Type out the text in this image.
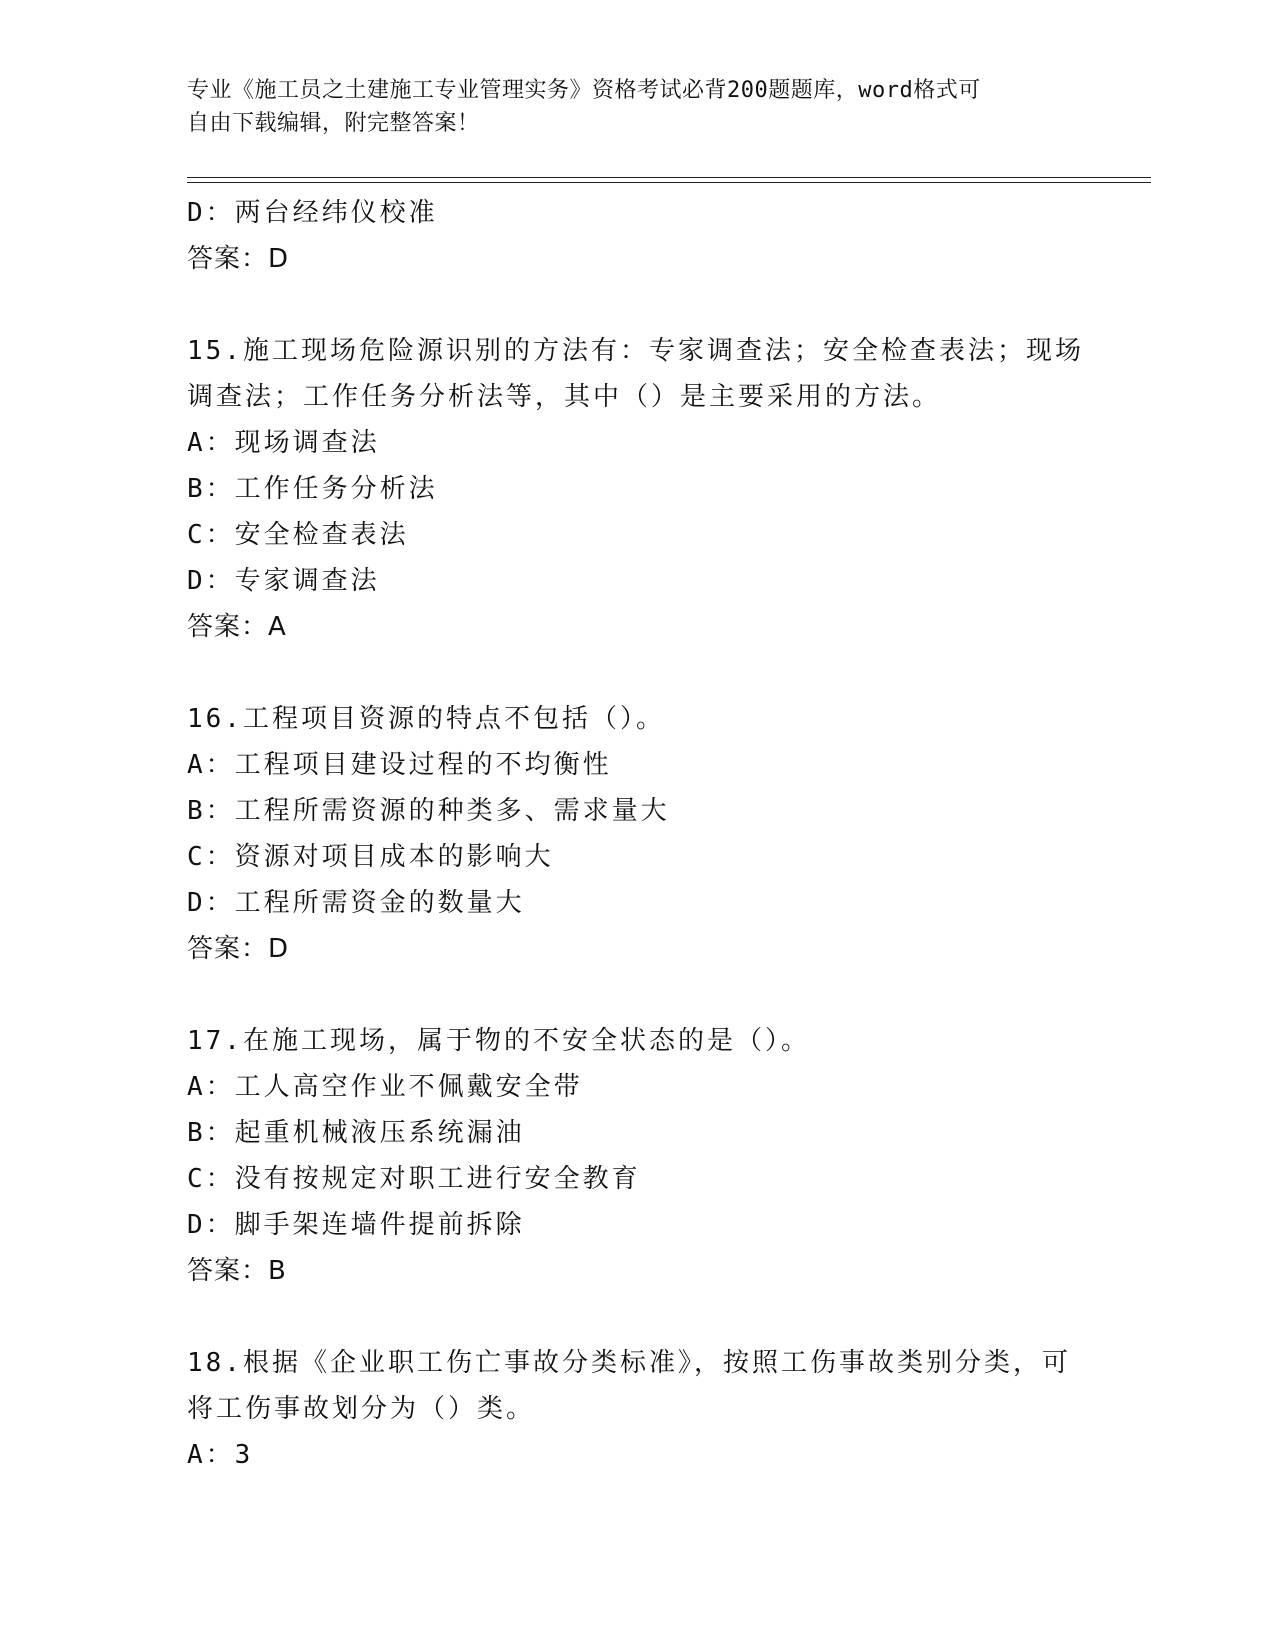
专业《施工员之土建施工专业管理实务》资格考试必背200题题库，word格式可
自由下载编辑，附完整答案！
D：两台经纬仪校准
答案：D
15.施工现场危险源识别的方法有：专家调查法；安全检查表法；现场
调查法；工作任务分析法等，其中（）是主要采用的方法。
A：现场调查法
B：工作任务分析法
C：安全检查表法
D：专家调查法
答案：A
16.工程项目资源的特点不包括（）。
A：工程项目建设过程的不均衡性
B：工程所需资源的种类多、需求量大
C：资源对项目成本的影响大
D：工程所需资金的数量大
答案：D
17.在施工现场，属于物的不安全状态的是（）。
A：工人高空作业不佩戴安全带
B：起重机械液压系统漏油
C：没有按规定对职工进行安全教育
D：脚手架连墙件提前拆除
答案：B
18.根据《企业职工伤亡事故分类标准》，按照工伤事故类别分类，可
将工伤事故划分为（）类。
A：3
